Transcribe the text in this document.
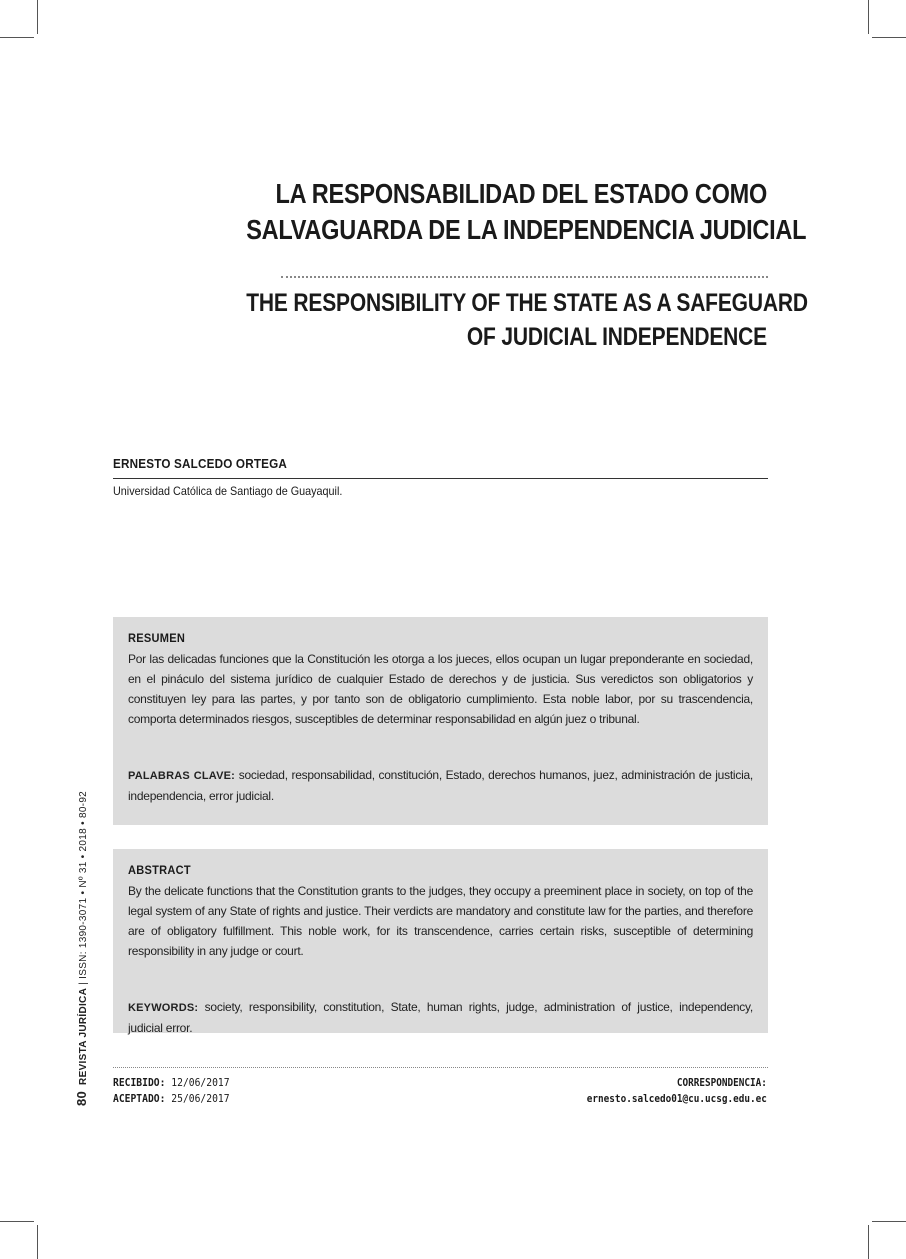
LA RESPONSABILIDAD DEL ESTADO COMO
SALVAGUARDA DE LA INDEPENDENCIA JUDICIAL
THE RESPONSIBILITY OF THE STATE AS A SAFEGUARD
OF JUDICIAL INDEPENDENCE
ERNESTO SALCEDO ORTEGA
Universidad Católica de Santiago de Guayaquil.
RESUMEN

Por las delicadas funciones que la Constitución les otorga a los jueces, ellos ocupan un lugar preponderante en sociedad, en el pináculo del sistema jurídico de cualquier Estado de derechos y de justicia. Sus veredictos son obligatorios y constituyen ley para las partes, y por tanto son de obligatorio cumplimiento. Esta noble labor, por su trascendencia, comporta determinados riesgos, susceptibles de determinar responsabilidad en algún juez o tribunal.

PALABRAS CLAVE: sociedad, responsabilidad, constitución, Estado, derechos humanos, juez, administración de justicia, independencia, error judicial.

ABSTRACT

By the delicate functions that the Constitution grants to the judges, they occupy a preeminent place in society, on top of the legal system of any State of rights and justice. Their verdicts are mandatory and constitute law for the parties, and therefore are of obligatory fulfillment. This noble work, for its transcendence, carries certain risks, susceptible of determining responsibility in any judge or court.

KEYWORDS: society, responsibility, constitution, State, human rights, judge, administration of justice, independency, judicial error.

RECIBIDO: 12/06/2017
ACEPTADO: 25/06/2017
CORRESPONDENCIA:
ernesto.salcedo01@cu.ucsg.edu.ec
80REVISTA JURÍDICA | ISSN: 1390-3071 • Nº 31 • 2018 • 80-92
